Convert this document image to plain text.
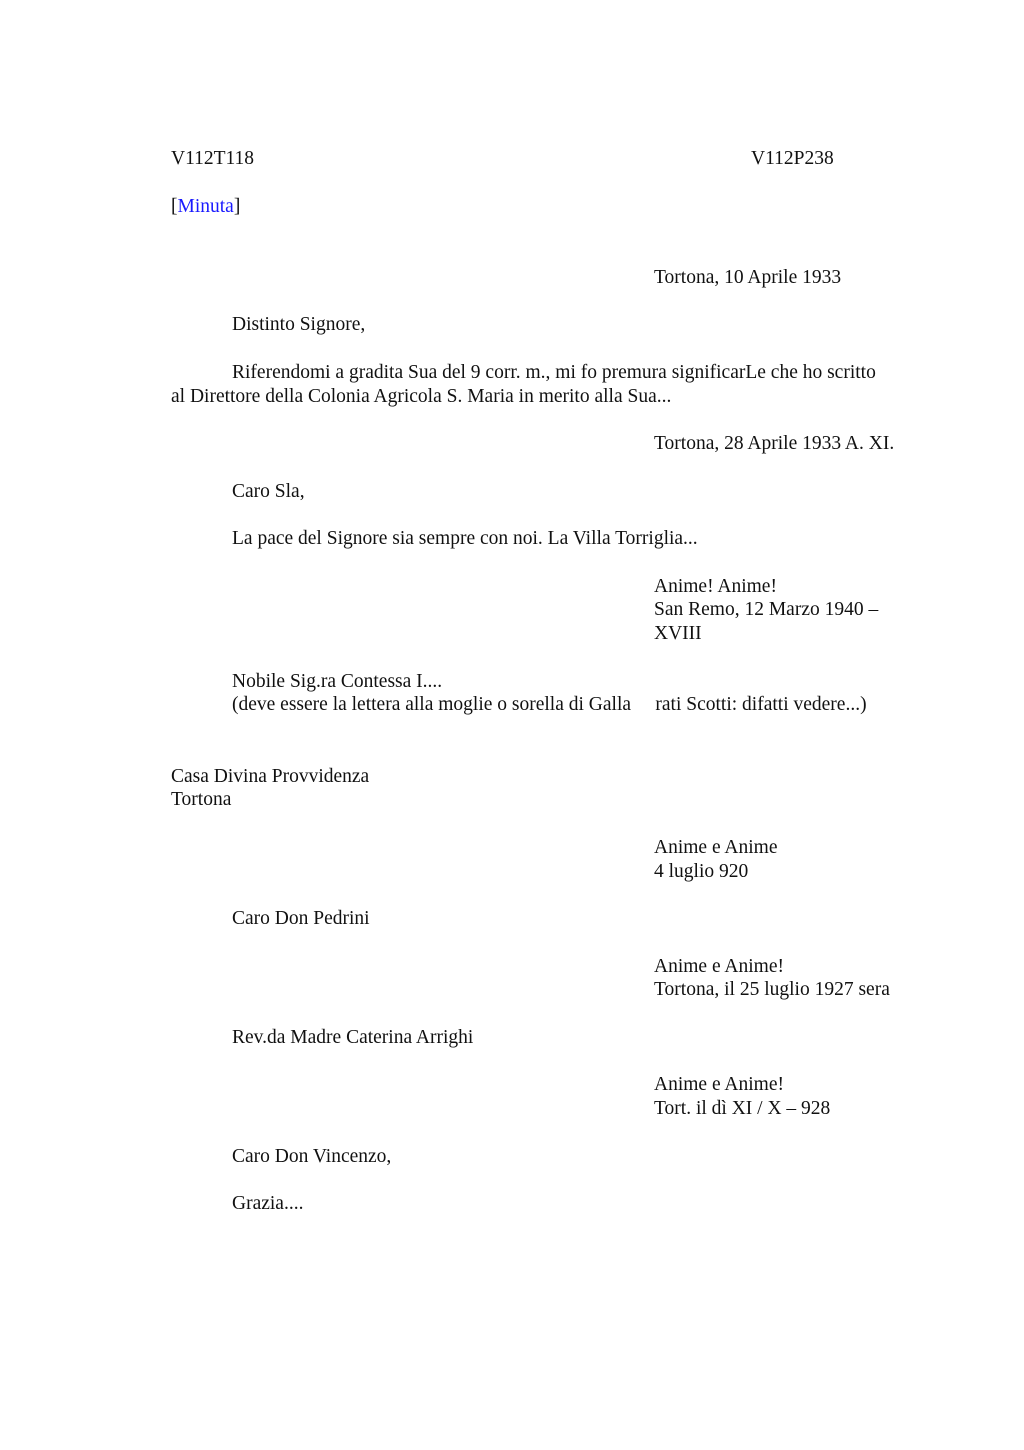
V112T118	V112P238
[Minuta]
Tortona, 10 Aprile 1933
Distinto Signore,
Riferendomi a gradita Sua del 9 corr. m., mi fo premura significarLe che ho scritto
al Direttore della Colonia Agricola S. Maria in merito alla Sua...
Tortona, 28 Aprile 1933 A. XI.
Caro Sla,
La pace del Signore sia sempre con noi. La Villa Torriglia...
Anime! Anime!
San Remo, 12 Marzo 1940 –
XVIII
Nobile Sig.ra Contessa I....
(deve essere la lettera alla moglie o sorella di Galla     rati Scotti: difatti vedere...)
Casa Divina Provvidenza
Tortona
Anime e Anime
4 luglio 920
Caro Don Pedrini
Anime e Anime!
Tortona, il 25 luglio 1927 sera
Rev.da Madre Caterina Arrighi
Anime e Anime!
Tort. il dì XI / X – 928
Caro Don Vincenzo,
Grazia....
